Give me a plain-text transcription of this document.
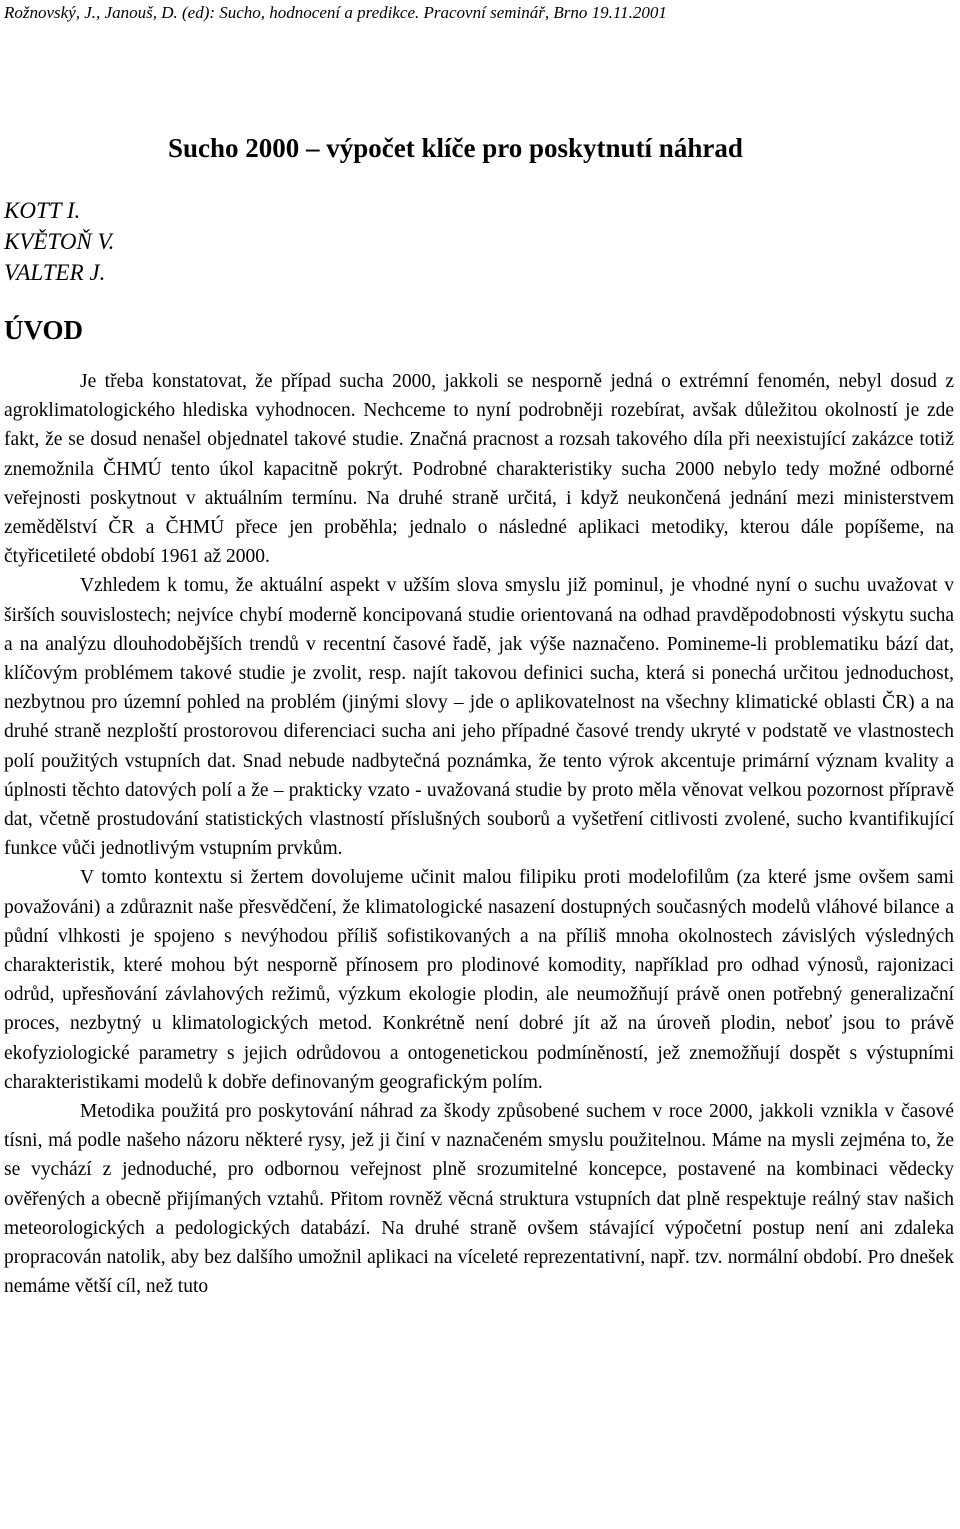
Rožnovský, J., Janouš, D. (ed): Sucho, hodnocení a predikce. Pracovní seminář, Brno 19.11.2001
Sucho 2000 – výpočet klíče pro poskytnutí náhrad
KOTT I.
KVĚTOŇ V.
VALTER J.
ÚVOD

Je třeba konstatovat, že případ sucha 2000, jakkoli se nesporně jedná o extrémní fenomén, nebyl dosud z agroklimatologického hlediska vyhodnocen. Nechceme to nyní podrobněji rozebírat, avšak důležitou okolností je zde fakt, že se dosud nenašel objednatel takové studie. Značná pracnost a rozsah takového díla při neexistující zakázce totiž znemožnila ČHMÚ tento úkol kapacitně pokrýt. Podrobné charakteristiky sucha 2000 nebylo tedy možné odborné veřejnosti poskytnout v aktuálním termínu. Na druhé straně určitá, i když neukončená jednání mezi ministerstvem zemědělství ČR a ČHMÚ přece jen proběhla; jednalo o následné aplikaci metodiky, kterou dále popíšeme, na čtyřicetileté období 1961 až 2000.

Vzhledem k tomu, že aktuální aspekt v užším slova smyslu již pominul, je vhodné nyní o suchu uvažovat v širších souvislostech; nejvíce chybí moderně koncipovaná studie orientovaná na odhad pravděpodobnosti výskytu sucha a na analýzu dlouhodobějších trendů v recentní časové řadě, jak výše naznačeno. Pomineme-li problematiku bází dat, klíčovým problémem takové studie je zvolit, resp. najít takovou definici sucha, která si ponechá určitou jednoduchost, nezbytnou pro územní pohled na problém (jinými slovy – jde o aplikovatelnost na všechny klimatické oblasti ČR) a na druhé straně nezploští prostorovou diferenciaci sucha ani jeho případné časové trendy ukryté v podstatě ve vlastnostech polí použitých vstupních dat. Snad nebude nadbytečná poznámka, že tento výrok akcentuje primární význam kvality a úplnosti těchto datových polí a že – prakticky vzato - uvažovaná studie by proto měla věnovat velkou pozornost přípravě dat, včetně prostudování statistických vlastností příslušných souborů a vyšetření citlivosti zvolené, sucho kvantifikující funkce vůči jednotlivým vstupním prvkům.

V tomto kontextu si žertem dovolujeme učinit malou filipiku proti modelofilům (za které jsme ovšem sami považováni) a zdůraznit naše přesvědčení, že klimatologické nasazení dostupných současných modelů vláhové bilance a půdní vlhkosti je spojeno s nevýhodou příliš sofistikovaných a na příliš mnoha okolnostech závislých výsledných charakteristik, které mohou být nesporně přínosem pro plodinové komodity, například pro odhad výnosů, rajonizaci odrůd, upřesňování závlahových režimů, výzkum ekologie plodin, ale neumožňují právě onen potřebný generalizační proces, nezbytný u klimatologických metod. Konkrétně není dobré jít až na úroveň plodin, neboť jsou to právě ekofyziologické parametry s jejich odrůdovou a ontogenetickou podmíněností, jež znemožňují dospět s výstupními charakteristikami modelů k dobře definovaným geografickým polím.

Metodika použitá pro poskytování náhrad za škody způsobené suchem v roce 2000, jakkoli vznikla v časové tísni, má podle našeho názoru některé rysy, jež ji činí v naznačeném smyslu použitelnou. Máme na mysli zejména to, že se vychází z jednoduché, pro odbornou veřejnost plně srozumitelné koncepce, postavené na kombinaci vědecky ověřených a obecně přijímaných vztahů. Přitom rovněž věcná struktura vstupních dat plně respektuje reálný stav našich meteorologických a pedologických databází. Na druhé straně ovšem stávající výpočetní postup není ani zdaleka propracován natolik, aby bez dalšího umožnil aplikaci na víceleté reprezentativní, např. tzv. normální období. Pro dnešek nemáme větší cíl, než tuto
